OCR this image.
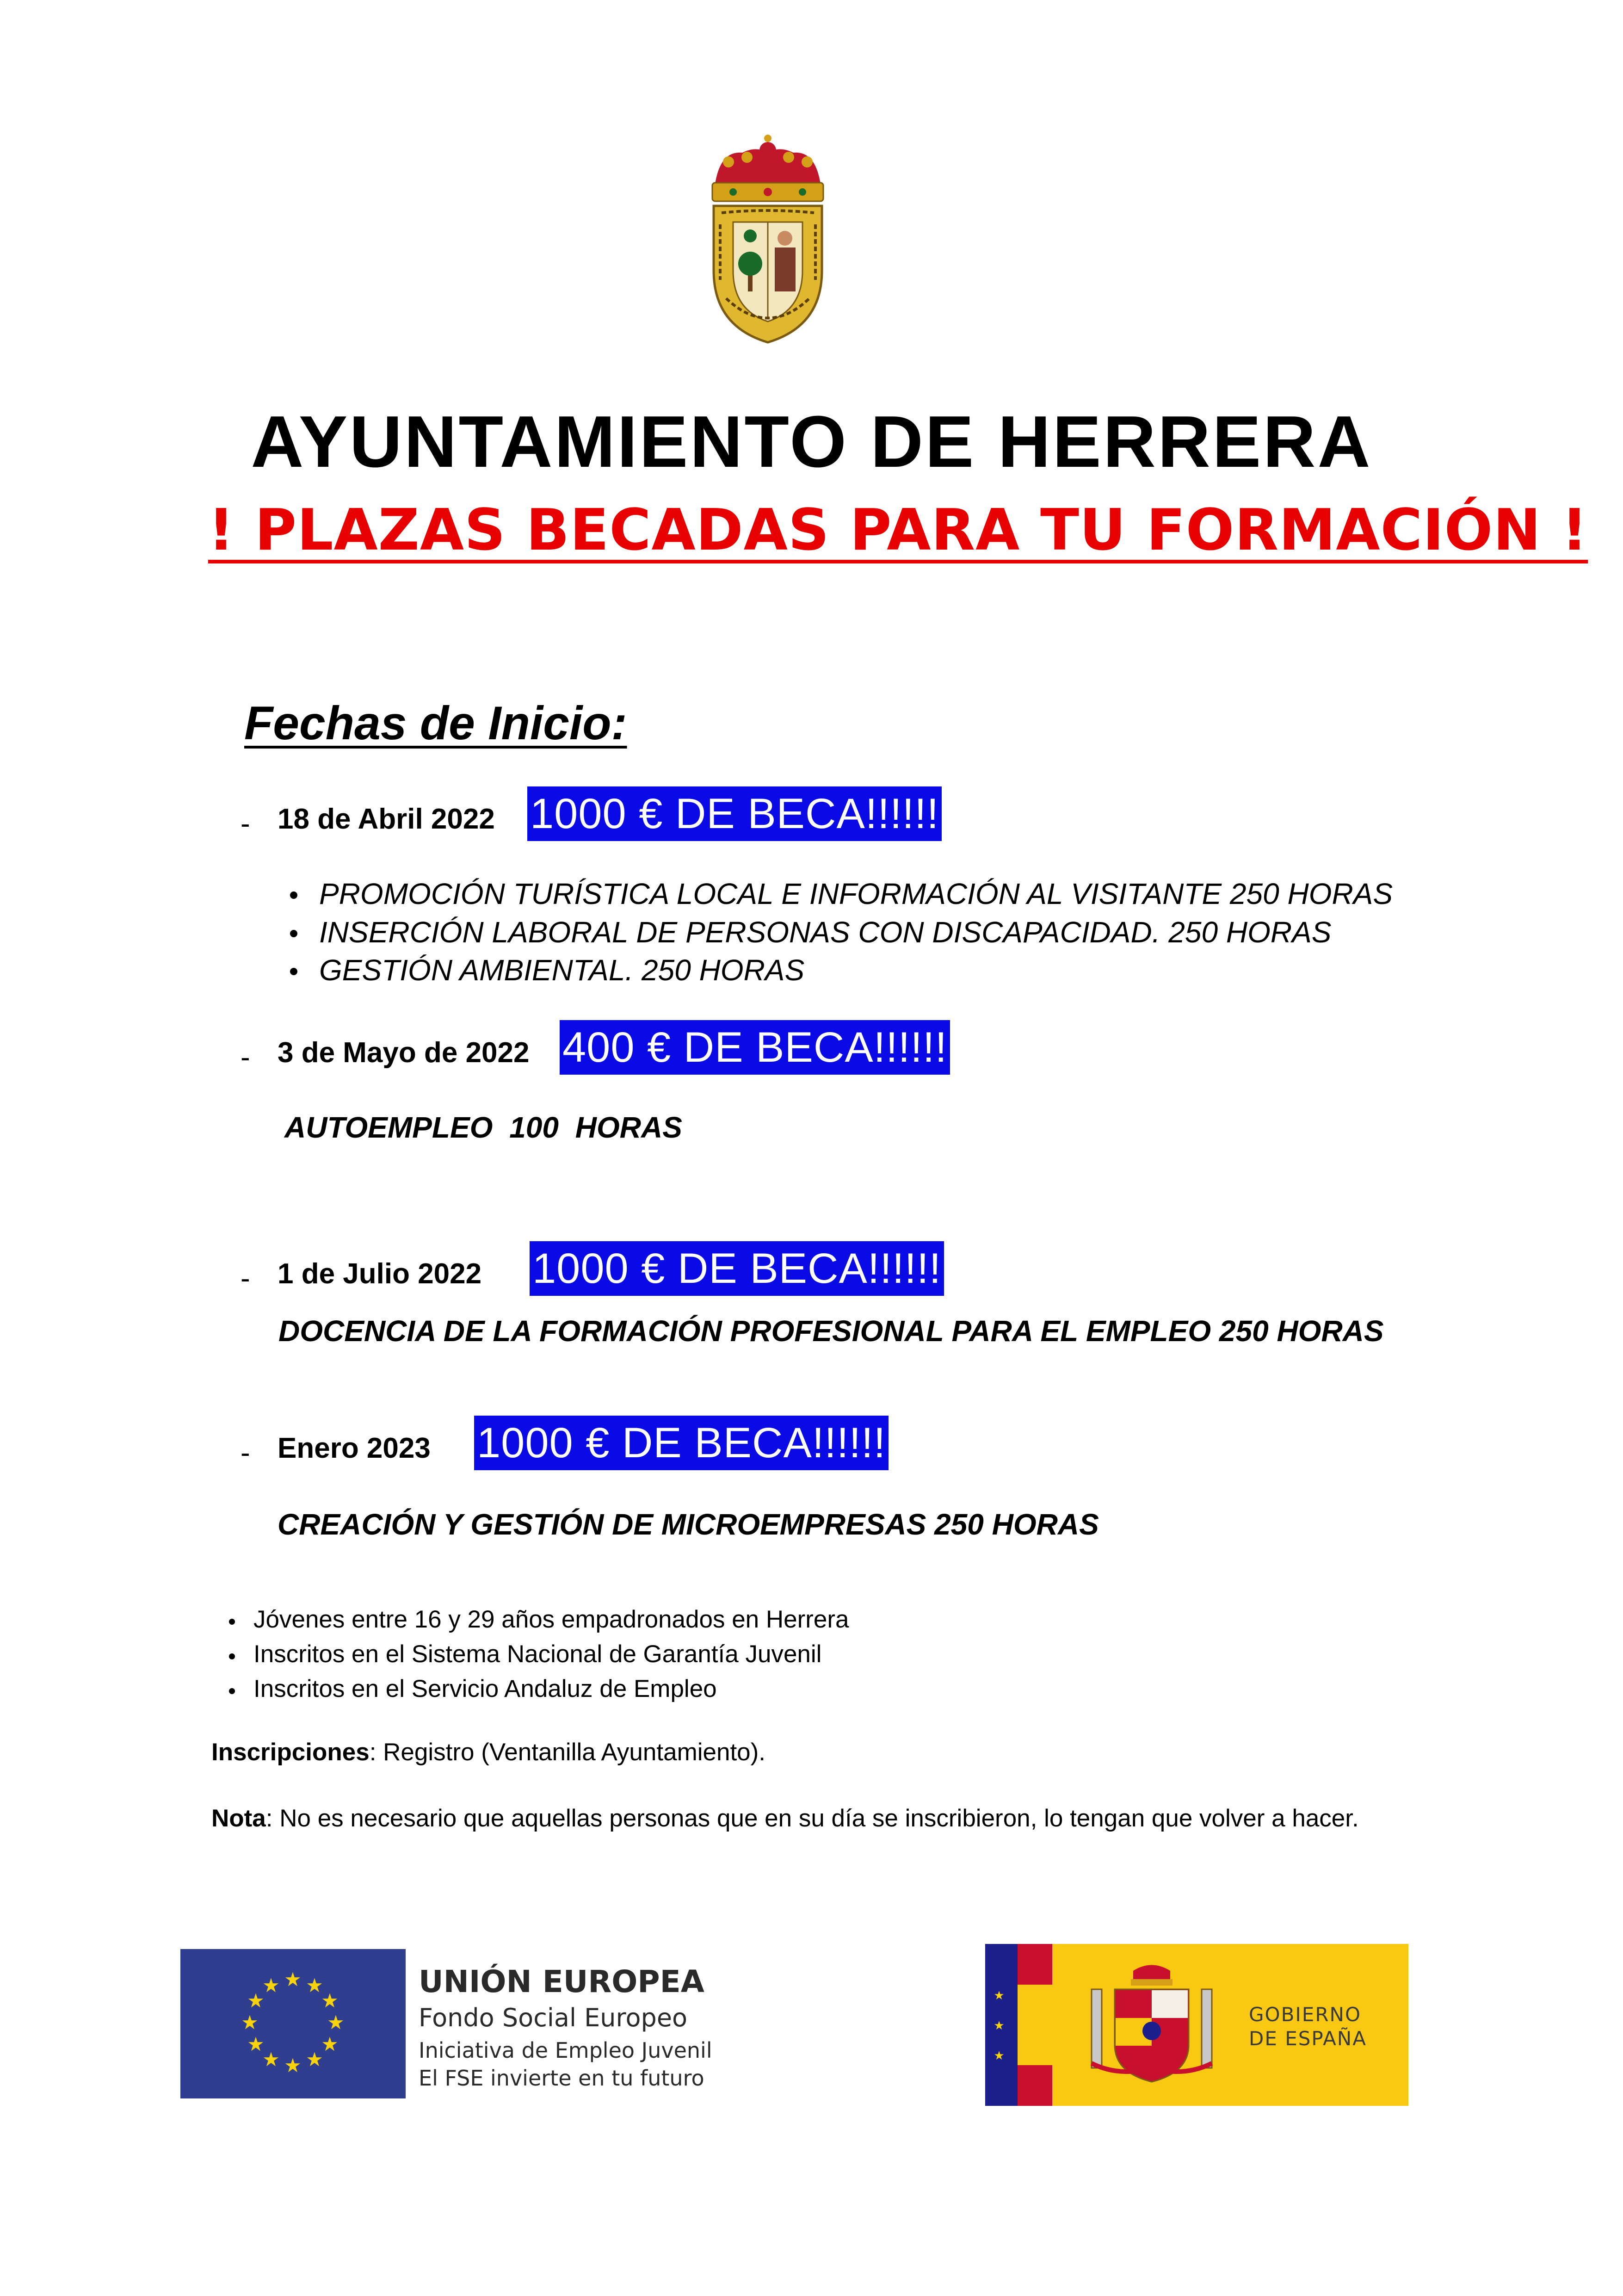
AYUNTAMIENTO DE HERRERA
! PLAZAS BECADAS PARA TU FORMACIÓN !
Fechas de Inicio:
- 18 de Abril 2022 1000 € DE BECA!!!!!!
PROMOCIÓN TURÍSTICA LOCAL E INFORMACIÓN AL VISITANTE 250 HORAS
INSERCIÓN LABORAL DE PERSONAS CON DISCAPACIDAD. 250 HORAS
GESTIÓN AMBIENTAL. 250 HORAS
- 3 de Mayo de 2022 400 € DE BECA!!!!!!
AUTOEMPLEO 100 HORAS
- 1 de Julio 2022 1000 € DE BECA!!!!!!
DOCENCIA DE LA FORMACIÓN PROFESIONAL PARA EL EMPLEO 250 HORAS
- Enero 2023 1000 € DE BECA!!!!!!
CREACIÓN Y GESTIÓN DE MICROEMPRESAS 250 HORAS
Jóvenes entre 16 y 29 años empadronados en Herrera
Inscritos en el Sistema Nacional de Garantía Juvenil
Inscritos en el Servicio Andaluz de Empleo
Inscripciones: Registro (Ventanilla Ayuntamiento).
Nota: No es necesario que aquellas personas que en su día se inscribieron, lo tengan que volver a hacer.
★ ★
★
★
★
★
★
★
★
★
★
★	UNIÓN EUROPEA
Fondo Social Europeo
Iniciativa de Empleo Juvenil
El FSE invierte en tu futuro
★
★
★
GOBIERNO
DE ESPAÑA
